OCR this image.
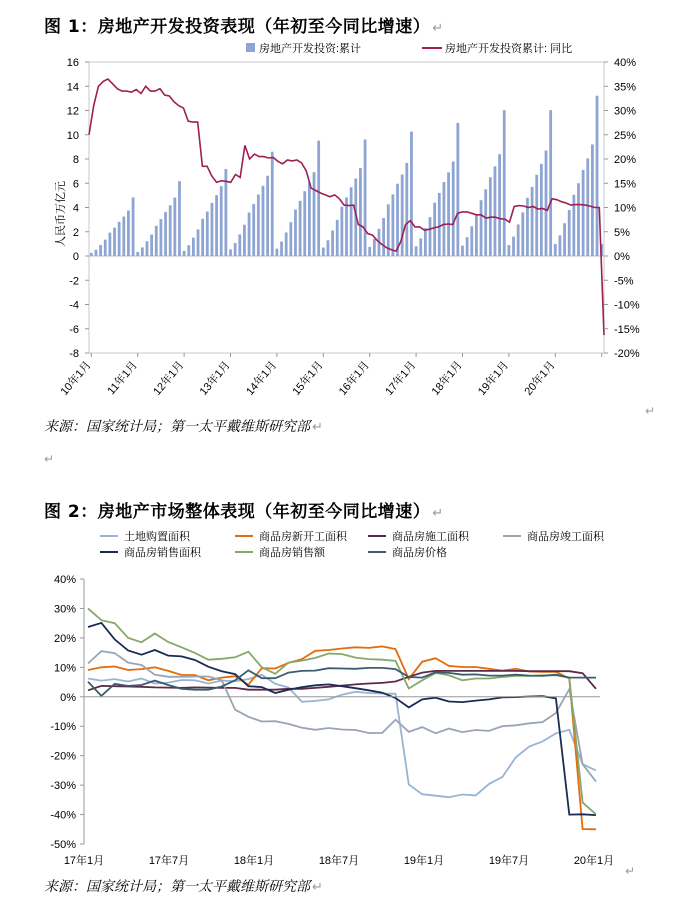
图 1：房地产开发投资表现（年初至今同比增速） ↵
房地产开发投资:累计	房地产开发投资累计: 同比
人民币万亿元
16	40%
14	35%
12	30%
10	25%
8	20%
6	15%
4	10%
2	5%
0	0%
-2	-5%
-4	-10%
-6	-15%
-8	-20%
10年1月 11年1月 12年1月 13年1月 14年1月 15年1月 16年1月 17年1月 18年1月 19年1月 20年1月
来源：国家统计局；第一太平戴维斯研究部 ↵
↵
↵
图 2：房地产市场整体表现（年初至今同比增速） ↵
土地购置面积	商品房新开工面积	商品房施工面积	商品房竣工面积
商品房销售面积	商品房销售额	商品房价格
40%
30%
20%
10%
0%
-10%
-20%
-30%
-40%
-50%
17年1月	17年7月	18年1月	18年7月	19年1月	19年7月	20年1月
来源：国家统计局；第一太平戴维斯研究部 ↵
↵
